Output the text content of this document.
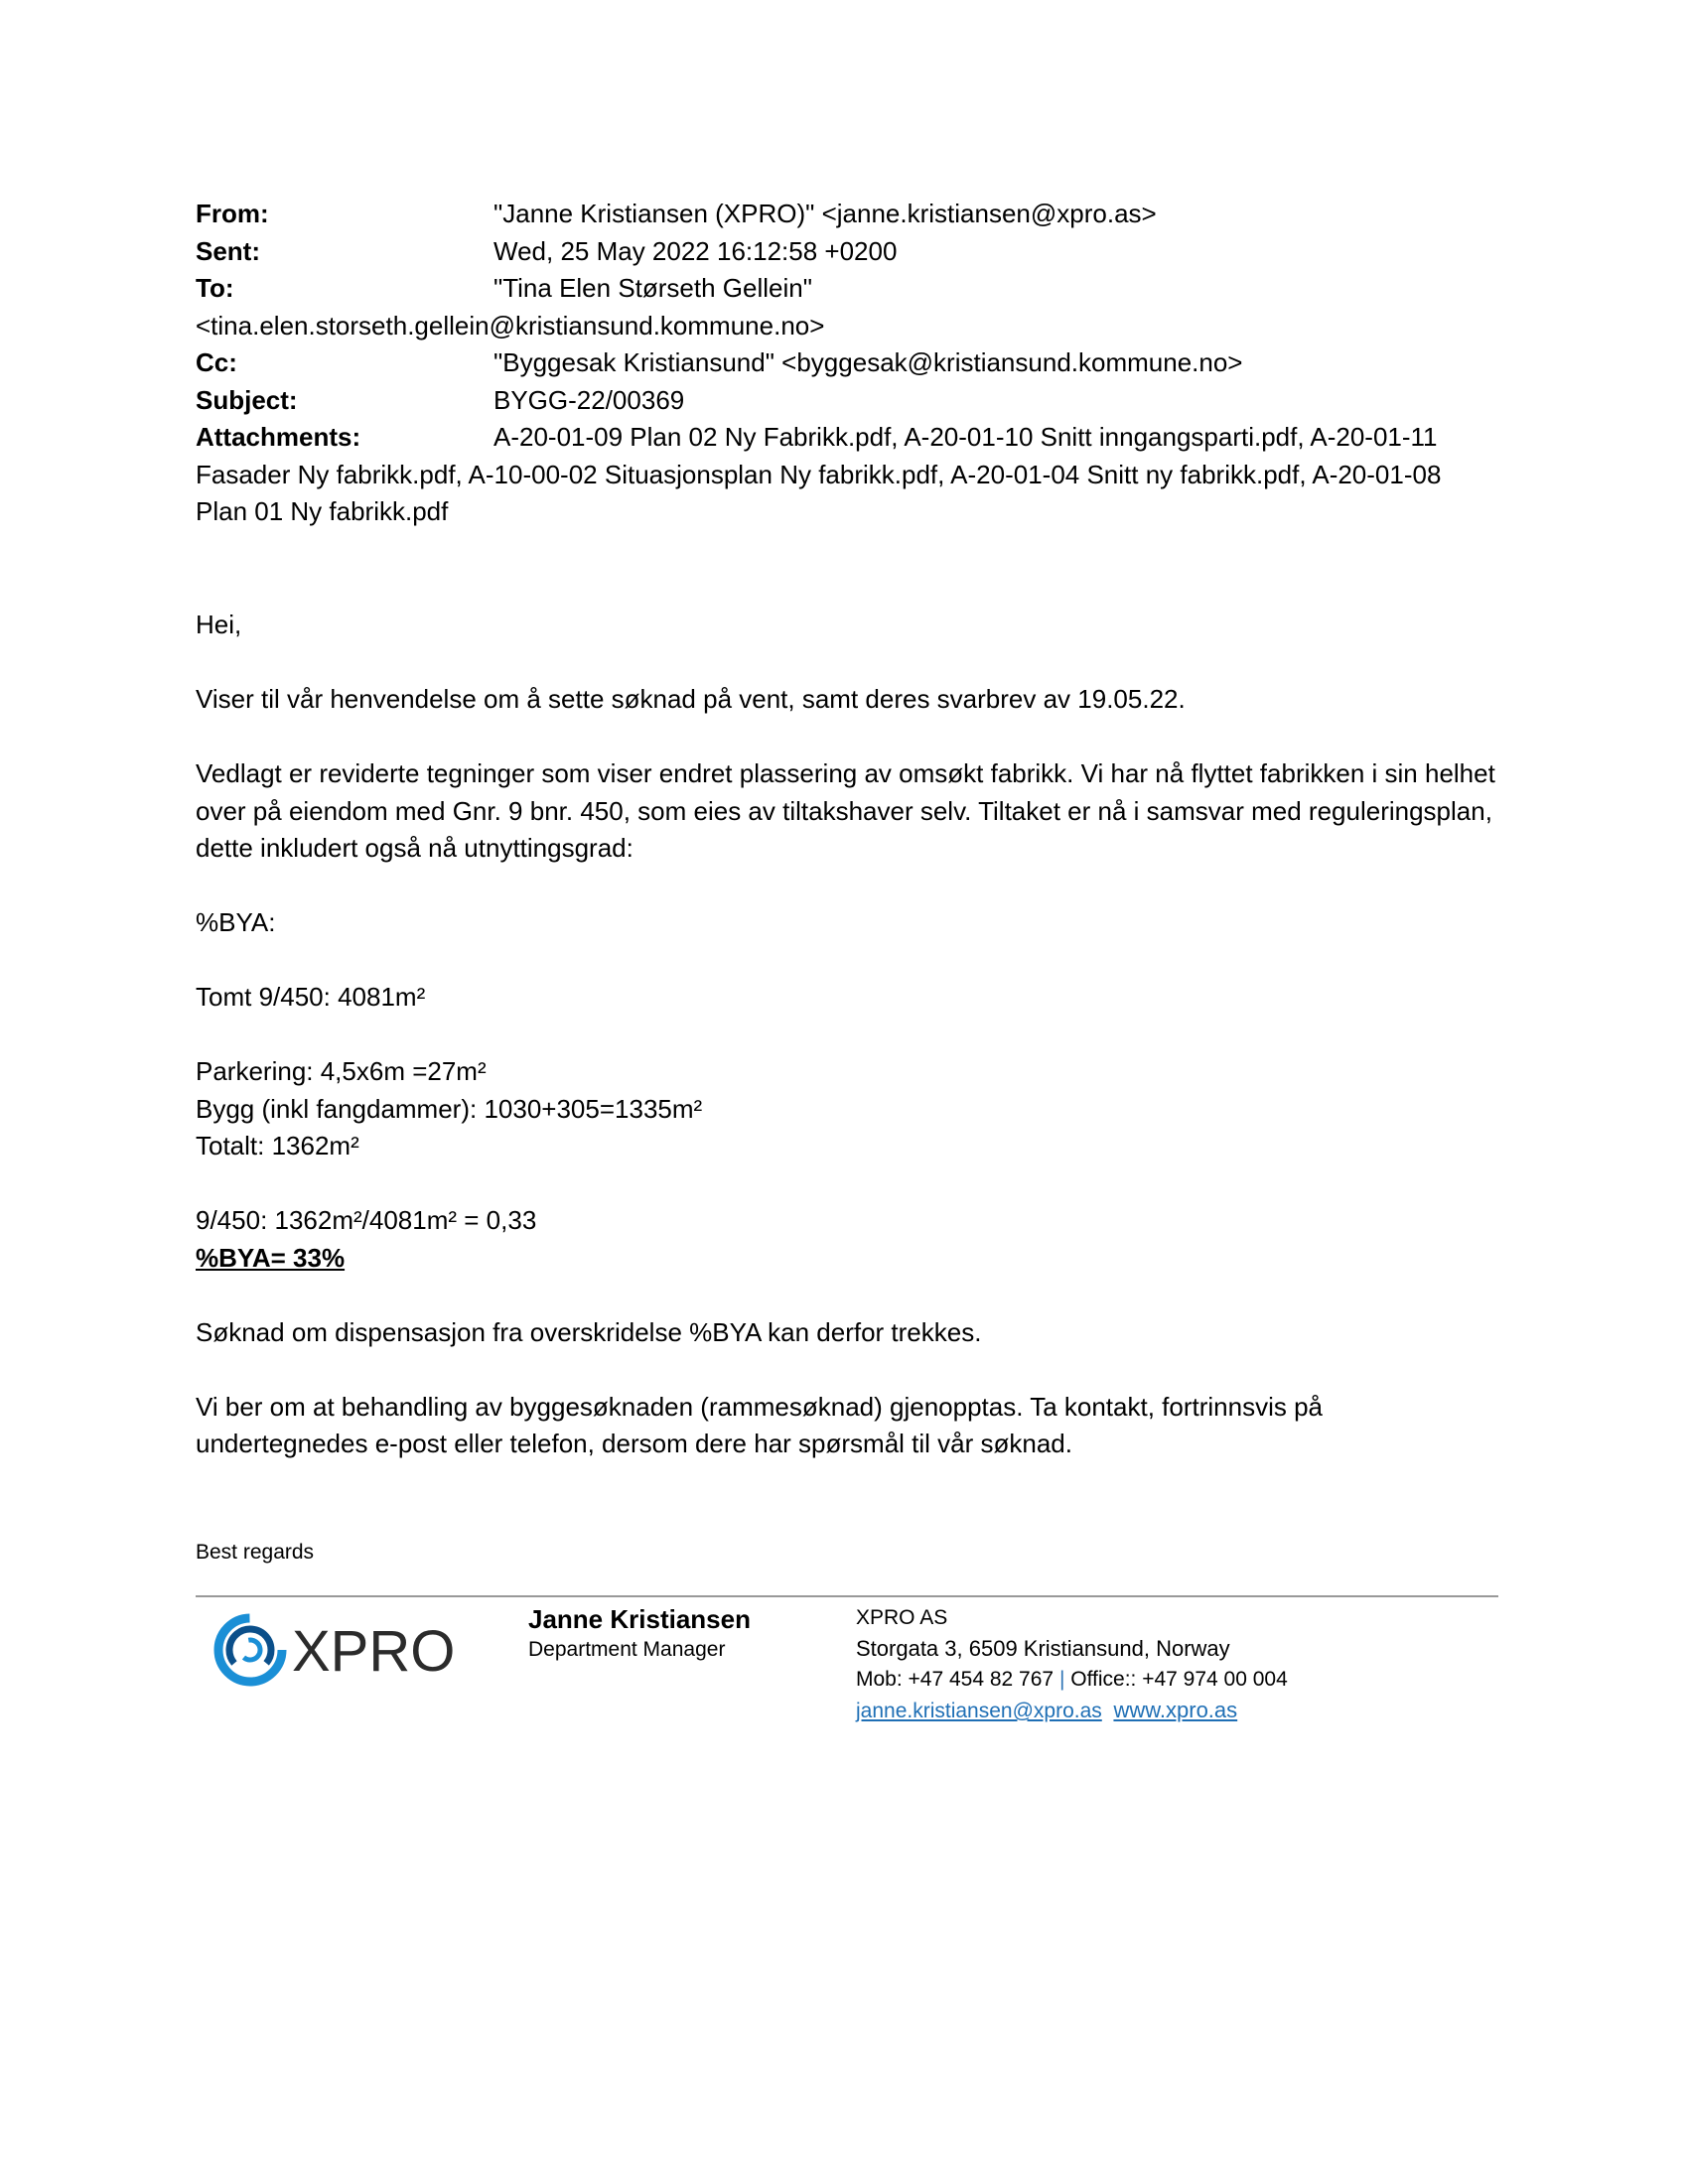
From:	"Janne Kristiansen (XPRO)" <janne.kristiansen@xpro.as>
Sent:	Wed, 25 May 2022 16:12:58 +0200
To:	"Tina Elen Størseth Gellein"
<tina.elen.storseth.gellein@kristiansund.kommune.no>
Cc:	"Byggesak Kristiansund" <byggesak@kristiansund.kommune.no>
Subject:	BYGG-22/00369

Attachments:	A-20-01-09 Plan 02 Ny Fabrikk.pdf, A-20-01-10 Snitt inngangsparti.pdf, A-20-01-11 Fasader Ny fabrikk.pdf, A-10-00-02 Situasjonsplan Ny fabrikk.pdf, A-20-01-04 Snitt ny fabrikk.pdf, A-20-01-08 Plan 01 Ny fabrikk.pdf

Hei,

Viser til vår henvendelse om å sette søknad på vent, samt deres svarbrev av 19.05.22.

Vedlagt er reviderte tegninger som viser endret plassering av omsøkt fabrikk. Vi har nå flyttet fabrikken i sin helhet over på eiendom med Gnr. 9 bnr. 450, som eies av tiltakshaver selv. Tiltaket er nå i samsvar med reguleringsplan, dette inkludert også nå utnyttingsgrad:

%BYA:

Tomt 9/450: 4081m²

Parkering: 4,5x6m =27m²
Bygg (inkl fangdammer): 1030+305=1335m²

Totalt: 1362m²

9/450: 1362m²/4081m² = 0,33

%BYA= 33%

Søknad om dispensasjon fra overskridelse %BYA kan derfor trekkes.

Vi ber om at behandling av byggesøknaden (rammesøknad) gjenopptas. Ta kontakt, fortrinnsvis på undertegnedes e-post eller telefon, dersom dere har spørsmål til vår søknad.

Best regards
XPRO	Janne Kristiansen
Department Manager
XPRO AS
Storgata 3, 6509 Kristiansund, Norway
Mob: +47 454 82 767 | Office:: +47 974 00 004
janne.kristiansen@xpro.as www.xpro.as
